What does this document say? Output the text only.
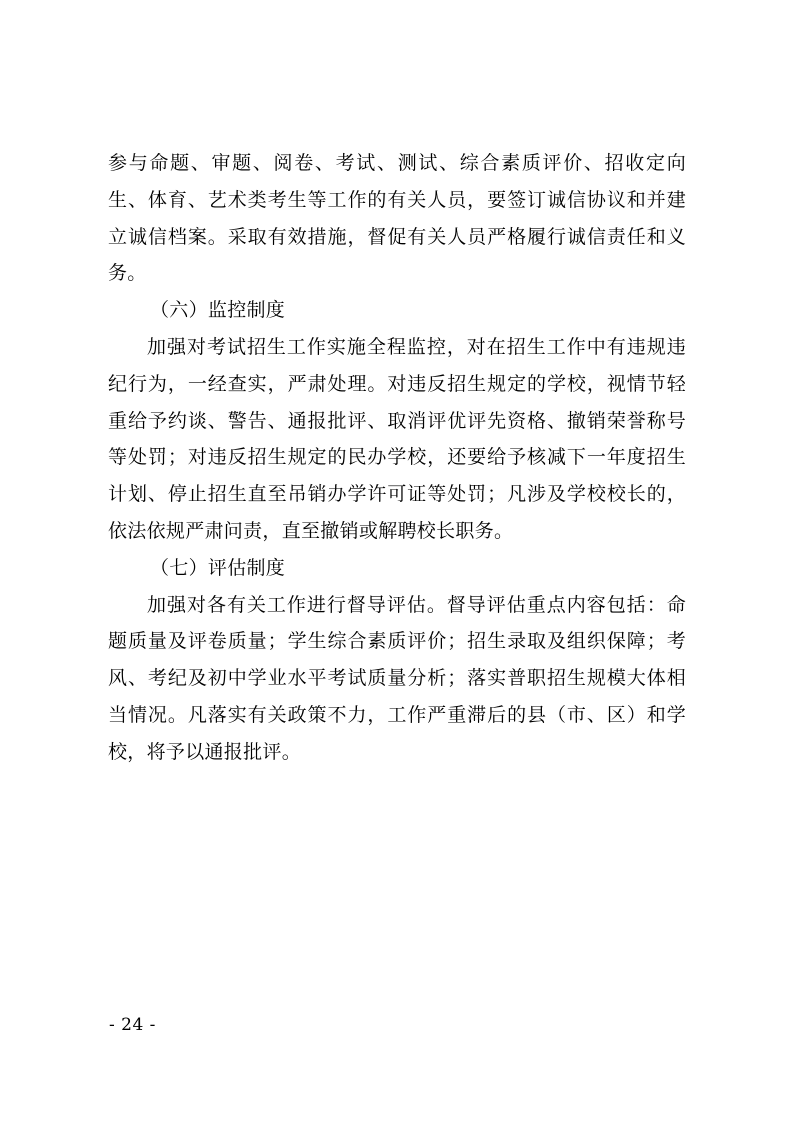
参与命题、审题、阅卷、考试、测试、综合素质评价、招收定向生、体育、艺术类考生等工作的有关人员，要签订诚信协议和并建立诚信档案。采取有效措施，督促有关人员严格履行诚信责任和义务。

（六）监控制度

加强对考试招生工作实施全程监控，对在招生工作中有违规违纪行为，一经查实，严肃处理。对违反招生规定的学校，视情节轻重给予约谈、警告、通报批评、取消评优评先资格、撤销荣誉称号等处罚；对违反招生规定的民办学校，还要给予核减下一年度招生计划、停止招生直至吊销办学许可证等处罚；凡涉及学校校长的，依法依规严肃问责，直至撤销或解聘校长职务。

（七）评估制度

加强对各有关工作进行督导评估。督导评估重点内容包括：命题质量及评卷质量；学生综合素质评价；招生录取及组织保障；考风、考纪及初中学业水平考试质量分析；落实普职招生规模大体相当情况。凡落实有关政策不力，工作严重滞后的县（市、区）和学校，将予以通报批评。

- 24 -
